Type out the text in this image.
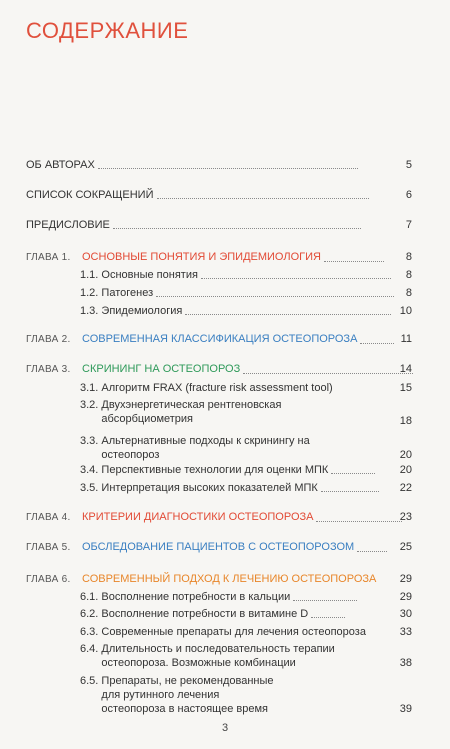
СОДЕРЖАНИЕ
ОБ АВТОРАХ	5
СПИСОК СОКРАЩЕНИЙ	6
ПРЕДИСЛОВИЕ	7
ГЛАВА 1. ОСНОВНЫЕ ПОНЯТИЯ И ЭПИДЕМИОЛОГИЯ	8
1.1. Основные понятия	8
1.2. Патогенез	8
1.3. Эпидемиология	10
ГЛАВА 2. СОВРЕМЕННАЯ КЛАССИФИКАЦИЯ ОСТЕОПОРОЗА	11
ГЛАВА 3. СКРИНИНГ НА ОСТЕОПОРОЗ	14
3.1. Алгоритм FRAX (fracture risk assessment tool)	15
3.2. Двухэнергетическая рентгеновская абсорбциометрия	18
3.3. Альтернативные подходы к скринингу на остеопороз	20
3.4. Перспективные технологии для оценки МПК	20
3.5. Интерпретация высоких показателей МПК	22
ГЛАВА 4. КРИТЕРИИ ДИАГНОСТИКИ ОСТЕОПОРОЗА	23
ГЛАВА 5. ОБСЛЕДОВАНИЕ ПАЦИЕНТОВ С ОСТЕОПОРОЗОМ	25
ГЛАВА 6. СОВРЕМЕННЫЙ ПОДХОД К ЛЕЧЕНИЮ ОСТЕОПОРОЗА 29
6.1. Восполнение потребности в кальции	29
6.2. Восполнение потребности в витамине D	30
6.3. Современные препараты для лечения остеопороза	33
6.4. Длительность и последовательность терапии остеопороза. Возможные комбинации	38
6.5. Препараты, не рекомендованные для рутинного лечения остеопороза в настоящее время	39
3
